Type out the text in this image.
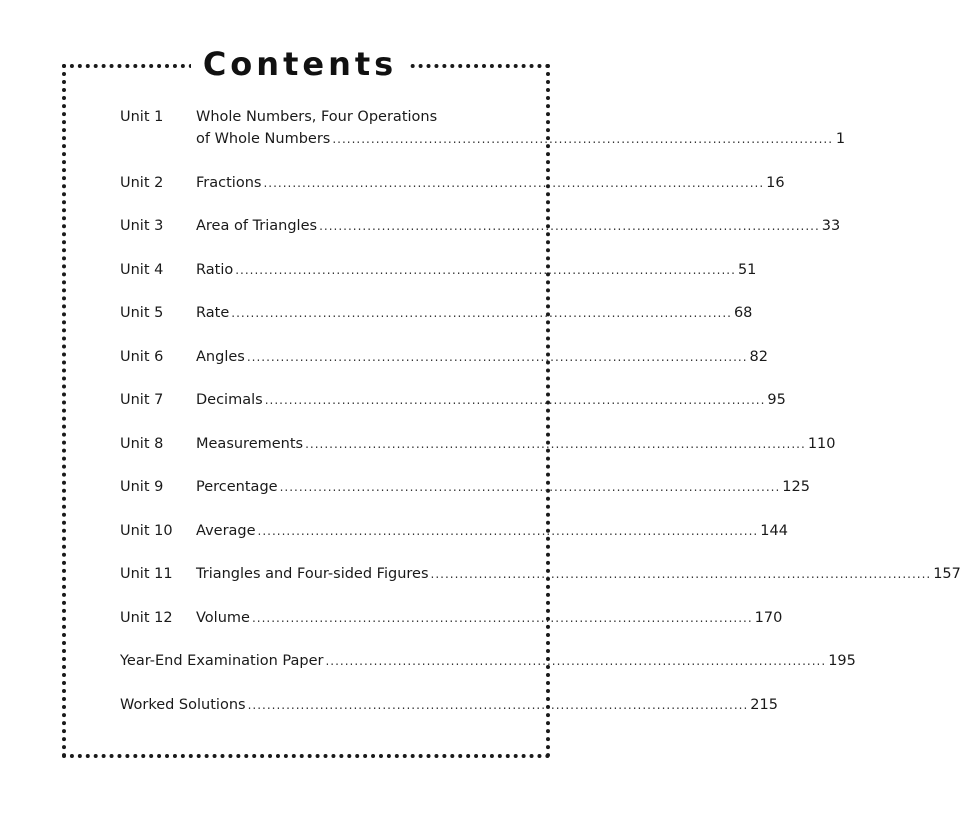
Contents
Unit 1	Whole Numbers, Four Operations
of Whole Numbers ........................................................................................................ 1
Unit 2	Fractions ........................................................................................................ 16
Unit 3	Area of Triangles ........................................................................................................ 33
Unit 4	Ratio ........................................................................................................ 51
Unit 5	Rate ........................................................................................................ 68
Unit 6	Angles ........................................................................................................ 82
Unit 7	Decimals ........................................................................................................ 95
Unit 8	Measurements ........................................................................................................ 110
Unit 9	Percentage ........................................................................................................ 125
Unit 10	Average ........................................................................................................ 144
Unit 11	Triangles and Four-sided Figures ........................................................................................................ 157
Unit 12	Volume ........................................................................................................ 170
Year-End Examination Paper ........................................................................................................ 195
Worked Solutions ........................................................................................................ 215
